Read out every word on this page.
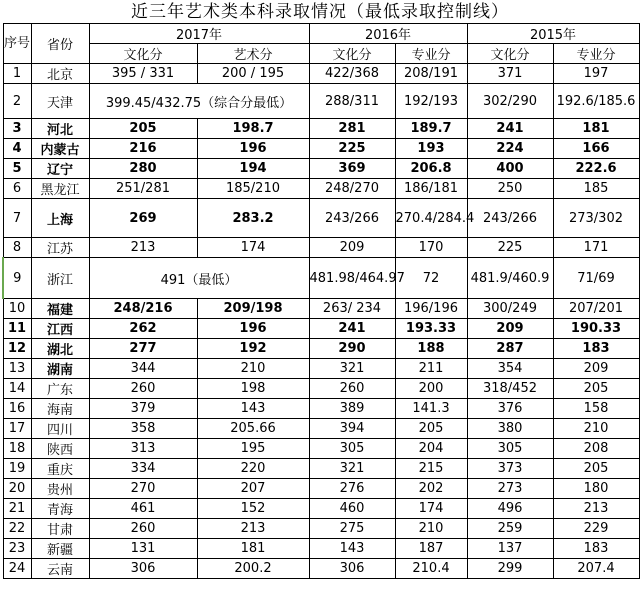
近三年艺术类本科录取情况（最低录取控制线）
序号	省份	2017年		2016年		2015年	
		文化分	艺术分	文化分	专业分	文化分	专业分
1	北京	395 / 331	200 / 195	422/368	208/191	371	197
2	天津	399.45/432.75（综合分最低）		288/311	192/193	302/290	192.6/185.6
3	河北	205	198.7	281	189.7	241	181
4	内蒙古	216	196	225	193	224	166
5	辽宁	280	194	369	206.8	400	222.6
6	黑龙江	251/281	185/210	248/270	186/181	250	185
7	上海	269	283.2	243/266	270.4/284.4	243/266	273/302
8	江苏	213	174	209	170	225	171
9	浙江	491（最低）		481.98/464.97	72	481.9/460.9	71/69
10	福建	248/216	209/198	263/ 234	196/196	300/249	207/201
11	江西	262	196	241	193.33	209	190.33
12	湖北	277	192	290	188	287	183
13	湖南	344	210	321	211	354	209
14	广东	260	198	260	200	318/452	205
16	海南	379	143	389	141.3	376	158
17	四川	358	205.66	394	205	380	210
18	陕西	313	195	305	204	305	208
19	重庆	334	220	321	215	373	205
20	贵州	270	207	276	202	273	180
21	青海	461	152	460	174	496	213
22	甘肃	260	213	275	210	259	229
23	新疆	131	181	143	187	137	183
24	云南	306	200.2	306	210.4	299	207.4
